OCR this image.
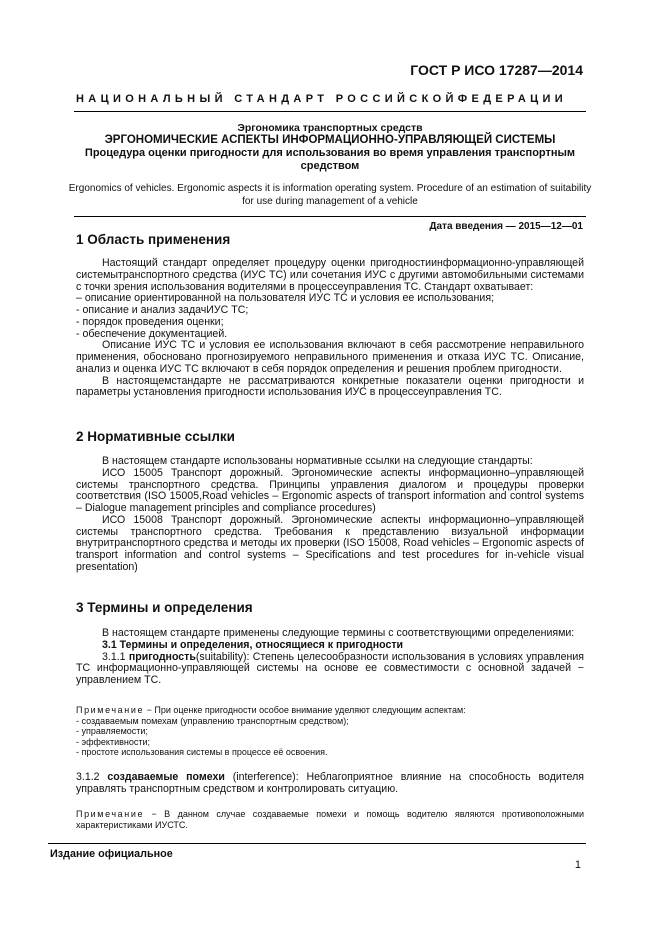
ГОСТ Р ИСО 17287—2014
НАЦИОНАЛЬНЫЙ СТАНДАРТ РОССИЙСКОЙФЕДЕРАЦИИ
Эргономика транспортных средств
ЭРГОНОМИЧЕСКИЕ АСПЕКТЫ ИНФОРМАЦИОННО-УПРАВЛЯЮЩЕЙ СИСТЕМЫ
Процедура оценки пригодности для использования во время управления транспортным средством
Ergonomics of vehicles. Ergonomic aspects it is information operating system. Procedure of an estimation of suitability for use during management of a vehicle
Дата введения — 2015—12—01
1 Область применения

Настоящий стандарт определяет процедуру оценки пригодностиинформационно-управляющей системытранспортного средства (ИУС ТС) или сочетания ИУС с другими автомобильными системами с точки зрения использования водителями в процессеуправления ТС. Стандарт охватывает:

– описание ориентированной на пользователя ИУС ТС и условия ее использования;

- описание и анализ задачИУС ТС;

- порядок проведения оценки;

- обеспечение документацией.

Описание ИУС ТС и условия ее использования включают в себя рассмотрение неправильного применения, обосновано прогнозируемого неправильного применения и отказа ИУС ТС. Описание, анализ и оценка ИУС ТС включают в себя порядок определения и решения проблем пригодности.

В настоящемстандарте не рассматриваются конкретные показатели оценки пригодности и параметры установления пригодности использования ИУС в процессеуправления ТС.

2 Нормативные ссылки

В настоящем стандарте использованы нормативные ссылки на следующие стандарты:

ИСО 15005 Транспорт дорожный. Эргономические аспекты информационно–управляющей системы транспортного средства. Принципы управления диалогом и процедуры проверки соответствия (ISO 15005,Road vehicles – Ergonomic aspects of transport information and control systems – Dialogue management principles and compliance procedures)

ИСО 15008 Транспорт дорожный. Эргономические аспекты информационно–управляющей системы транспортного средства. Требования к представлению визуальной информации внутритранспортного средства и методы их проверки (ISO 15008, Road vehicles – Ergonomic aspects of transport information and control systems – Specifications and test procedures for in-vehicle visual presentation)

3 Термины и определения

В настоящем стандарте применены следующие термины с соответствующими определениями:

3.1 Термины и определения, относящиеся к пригодности

3.1.1 пригодность(suitability): Степень целесообразности использования в условиях управления ТС информационно-управляющей системы на основе ее совместимости с основной задачей − управлением ТС.

Примечание − При оценке пригодности особое внимание уделяют следующим аспектам:

- создаваемым помехам (управлению транспортным средством);

- управляемости;

- эффективности;

- простоте использования системы в процессе её освоения.

3.1.2 создаваемые помехи (interference): Неблагоприятное влияние на способность водителя управлять транспортным средством и контролировать ситуацию.

Примечание − В данном случае создаваемые помехи и помощь водителю являются противоположными характеристиками ИУСТС.

Издание официальное
1
